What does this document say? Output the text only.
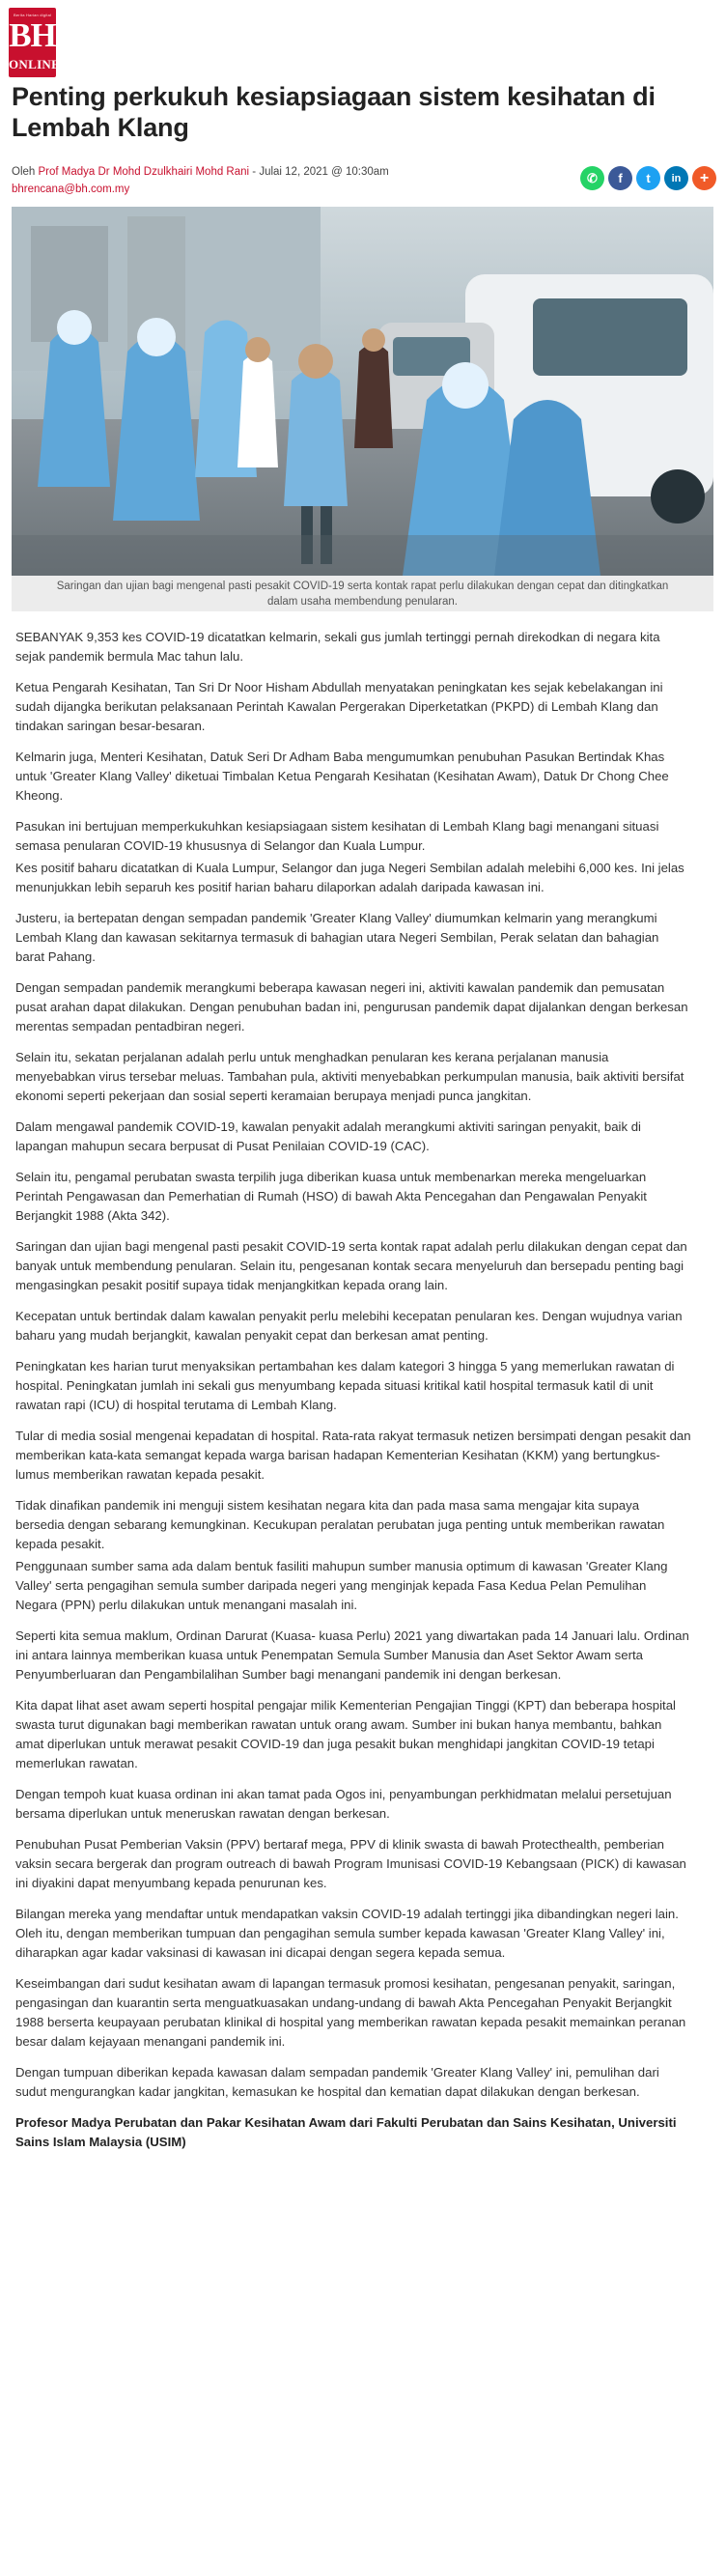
Berita Harian digital
BH
ONLINE
Penting perkukuh kesiapsiagaan sistem kesihatan di Lembah Klang
Oleh Prof Madya Dr Mohd Dzulkhairi Mohd Rani - Julai 12, 2021 @ 10:30am
bhrencana@bh.com.my
✆	f	t	in	+

Saringan dan ujian bagi mengenal pasti pesakit COVID-19 serta kontak rapat perlu dilakukan dengan cepat dan ditingkatkan dalam usaha membendung penularan.

SEBANYAK 9,353 kes COVID-19 dicatatkan kelmarin, sekali gus jumlah tertinggi pernah direkodkan di negara kita sejak pandemik bermula Mac tahun lalu.

Ketua Pengarah Kesihatan, Tan Sri Dr Noor Hisham Abdullah menyatakan peningkatan kes sejak kebelakangan ini sudah dijangka berikutan pelaksanaan Perintah Kawalan Pergerakan Diperketatkan (PKPD) di Lembah Klang dan tindakan saringan besar-besaran.

Kelmarin juga, Menteri Kesihatan, Datuk Seri Dr Adham Baba mengumumkan penubuhan Pasukan Bertindak Khas untuk 'Greater Klang Valley' diketuai Timbalan Ketua Pengarah Kesihatan (Kesihatan Awam), Datuk Dr Chong Chee Kheong.

Pasukan ini bertujuan memperkukuhkan kesiapsiagaan sistem kesihatan di Lembah Klang bagi menangani situasi semasa penularan COVID-19 khususnya di Selangor dan Kuala Lumpur.

Kes positif baharu dicatatkan di Kuala Lumpur, Selangor dan juga Negeri Sembilan adalah melebihi 6,000 kes. Ini jelas menunjukkan lebih separuh kes positif harian baharu dilaporkan adalah daripada kawasan ini.

Justeru, ia bertepatan dengan sempadan pandemik 'Greater Klang Valley' diumumkan kelmarin yang merangkumi Lembah Klang dan kawasan sekitarnya termasuk di bahagian utara Negeri Sembilan, Perak selatan dan bahagian barat Pahang.

Dengan sempadan pandemik merangkumi beberapa kawasan negeri ini, aktiviti kawalan pandemik dan pemusatan pusat arahan dapat dilakukan. Dengan penubuhan badan ini, pengurusan pandemik dapat dijalankan dengan berkesan merentas sempadan pentadbiran negeri.

Selain itu, sekatan perjalanan adalah perlu untuk menghadkan penularan kes kerana perjalanan manusia menyebabkan virus tersebar meluas. Tambahan pula, aktiviti menyebabkan perkumpulan manusia, baik aktiviti bersifat ekonomi seperti pekerjaan dan sosial seperti keramaian berupaya menjadi punca jangkitan.

Dalam mengawal pandemik COVID-19, kawalan penyakit adalah merangkumi aktiviti saringan penyakit, baik di lapangan mahupun secara berpusat di Pusat Penilaian COVID-19 (CAC).

Selain itu, pengamal perubatan swasta terpilih juga diberikan kuasa untuk membenarkan mereka mengeluarkan Perintah Pengawasan dan Pemerhatian di Rumah (HSO) di bawah Akta Pencegahan dan Pengawalan Penyakit Berjangkit 1988 (Akta 342).

Saringan dan ujian bagi mengenal pasti pesakit COVID-19 serta kontak rapat adalah perlu dilakukan dengan cepat dan banyak untuk membendung penularan. Selain itu, pengesanan kontak secara menyeluruh dan bersepadu penting bagi mengasingkan pesakit positif supaya tidak menjangkitkan kepada orang lain.

Kecepatan untuk bertindak dalam kawalan penyakit perlu melebihi kecepatan penularan kes. Dengan wujudnya varian baharu yang mudah berjangkit, kawalan penyakit cepat dan berkesan amat penting.

Peningkatan kes harian turut menyaksikan pertambahan kes dalam kategori 3 hingga 5 yang memerlukan rawatan di hospital. Peningkatan jumlah ini sekali gus menyumbang kepada situasi kritikal katil hospital termasuk katil di unit rawatan rapi (ICU) di hospital terutama di Lembah Klang.

Tular di media sosial mengenai kepadatan di hospital. Rata-rata rakyat termasuk netizen bersimpati dengan pesakit dan memberikan kata-kata semangat kepada warga barisan hadapan Kementerian Kesihatan (KKM) yang bertungkus-lumus memberikan rawatan kepada pesakit.

Tidak dinafikan pandemik ini menguji sistem kesihatan negara kita dan pada masa sama mengajar kita supaya bersedia dengan sebarang kemungkinan. Kecukupan peralatan perubatan juga penting untuk memberikan rawatan kepada pesakit.

Penggunaan sumber sama ada dalam bentuk fasiliti mahupun sumber manusia optimum di kawasan 'Greater Klang Valley' serta pengagihan semula sumber daripada negeri yang menginjak kepada Fasa Kedua Pelan Pemulihan Negara (PPN) perlu dilakukan untuk menangani masalah ini.

Seperti kita semua maklum, Ordinan Darurat (Kuasa- kuasa Perlu) 2021 yang diwartakan pada 14 Januari lalu. Ordinan ini antara lainnya memberikan kuasa untuk Penempatan Semula Sumber Manusia dan Aset Sektor Awam serta Penyumberluaran dan Pengambilalihan Sumber bagi menangani pandemik ini dengan berkesan.

Kita dapat lihat aset awam seperti hospital pengajar milik Kementerian Pengajian Tinggi (KPT) dan beberapa hospital swasta turut digunakan bagi memberikan rawatan untuk orang awam. Sumber ini bukan hanya membantu, bahkan amat diperlukan untuk merawat pesakit COVID-19 dan juga pesakit bukan menghidapi jangkitan COVID-19 tetapi memerlukan rawatan.

Dengan tempoh kuat kuasa ordinan ini akan tamat pada Ogos ini, penyambungan perkhidmatan melalui persetujuan bersama diperlukan untuk meneruskan rawatan dengan berkesan.

Penubuhan Pusat Pemberian Vaksin (PPV) bertaraf mega, PPV di klinik swasta di bawah Protecthealth, pemberian vaksin secara bergerak dan program outreach di bawah Program Imunisasi COVID-19 Kebangsaan (PICK) di kawasan ini diyakini dapat menyumbang kepada penurunan kes.

Bilangan mereka yang mendaftar untuk mendapatkan vaksin COVID-19 adalah tertinggi jika dibandingkan negeri lain. Oleh itu, dengan memberikan tumpuan dan pengagihan semula sumber kepada kawasan 'Greater Klang Valley' ini, diharapkan agar kadar vaksinasi di kawasan ini dicapai dengan segera kepada semua.

Keseimbangan dari sudut kesihatan awam di lapangan termasuk promosi kesihatan, pengesanan penyakit, saringan, pengasingan dan kuarantin serta menguatkuasakan undang-undang di bawah Akta Pencegahan Penyakit Berjangkit 1988 berserta keupayaan perubatan klinikal di hospital yang memberikan rawatan kepada pesakit memainkan peranan besar dalam kejayaan menangani pandemik ini.

Dengan tumpuan diberikan kepada kawasan dalam sempadan pandemik 'Greater Klang Valley' ini, pemulihan dari sudut mengurangkan kadar jangkitan, kemasukan ke hospital dan kematian dapat dilakukan dengan berkesan.

Profesor Madya Perubatan dan Pakar Kesihatan Awam dari Fakulti Perubatan dan Sains Kesihatan, Universiti Sains Islam Malaysia (USIM)
